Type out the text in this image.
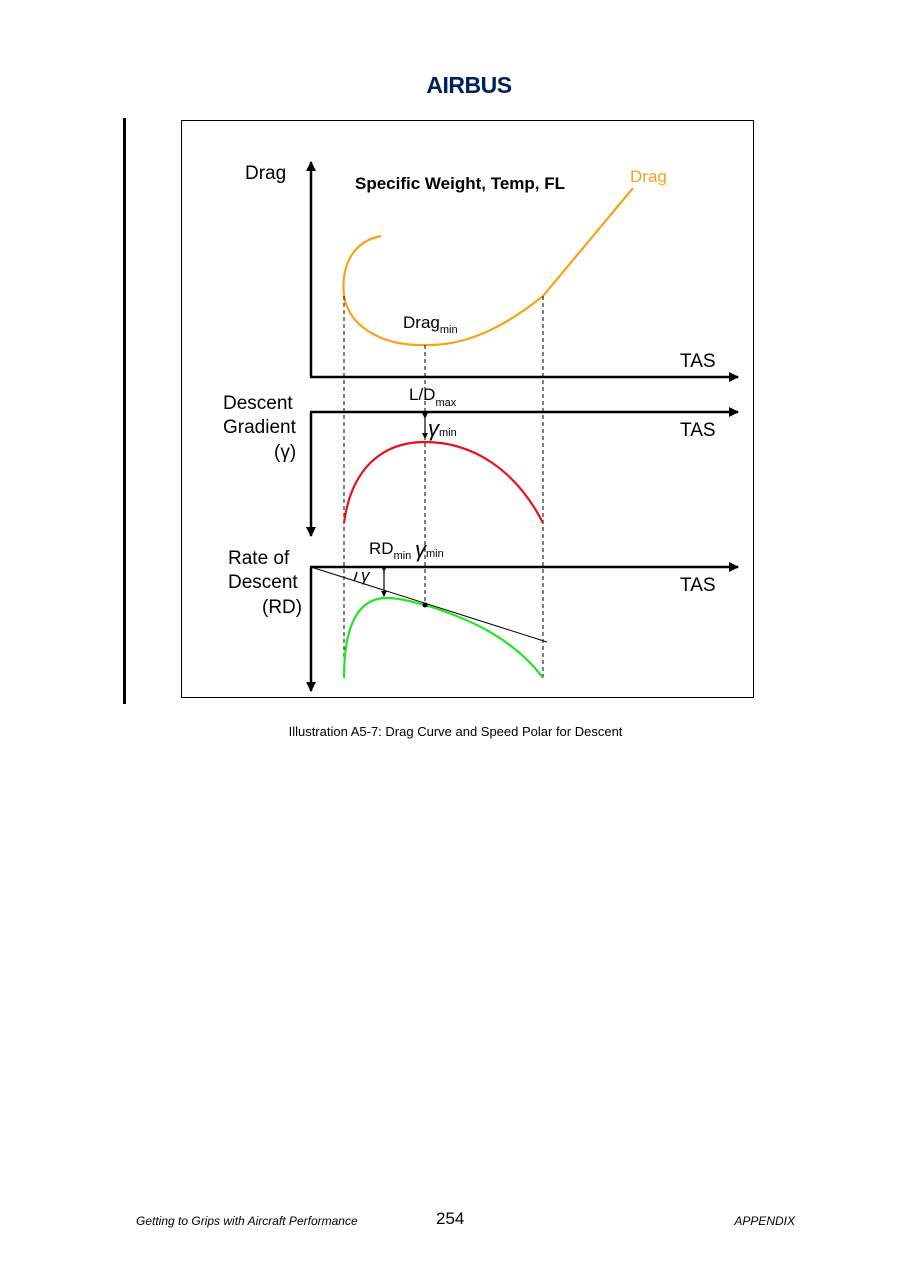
AIRBUS
Drag	Specific Weight, Temp, FL	Drag
TAS
Drag$_{min}$
$L/D_{max}$
Descent
Gradient
(γ)
TAS
γmin
$RD_{min}$ γmin
Rate of
Descent
(RD)
TAS
γ
Illustration A5-7: Drag Curve and Speed Polar for Descent
Getting to Grips with Aircraft Performance	254	APPENDIX
